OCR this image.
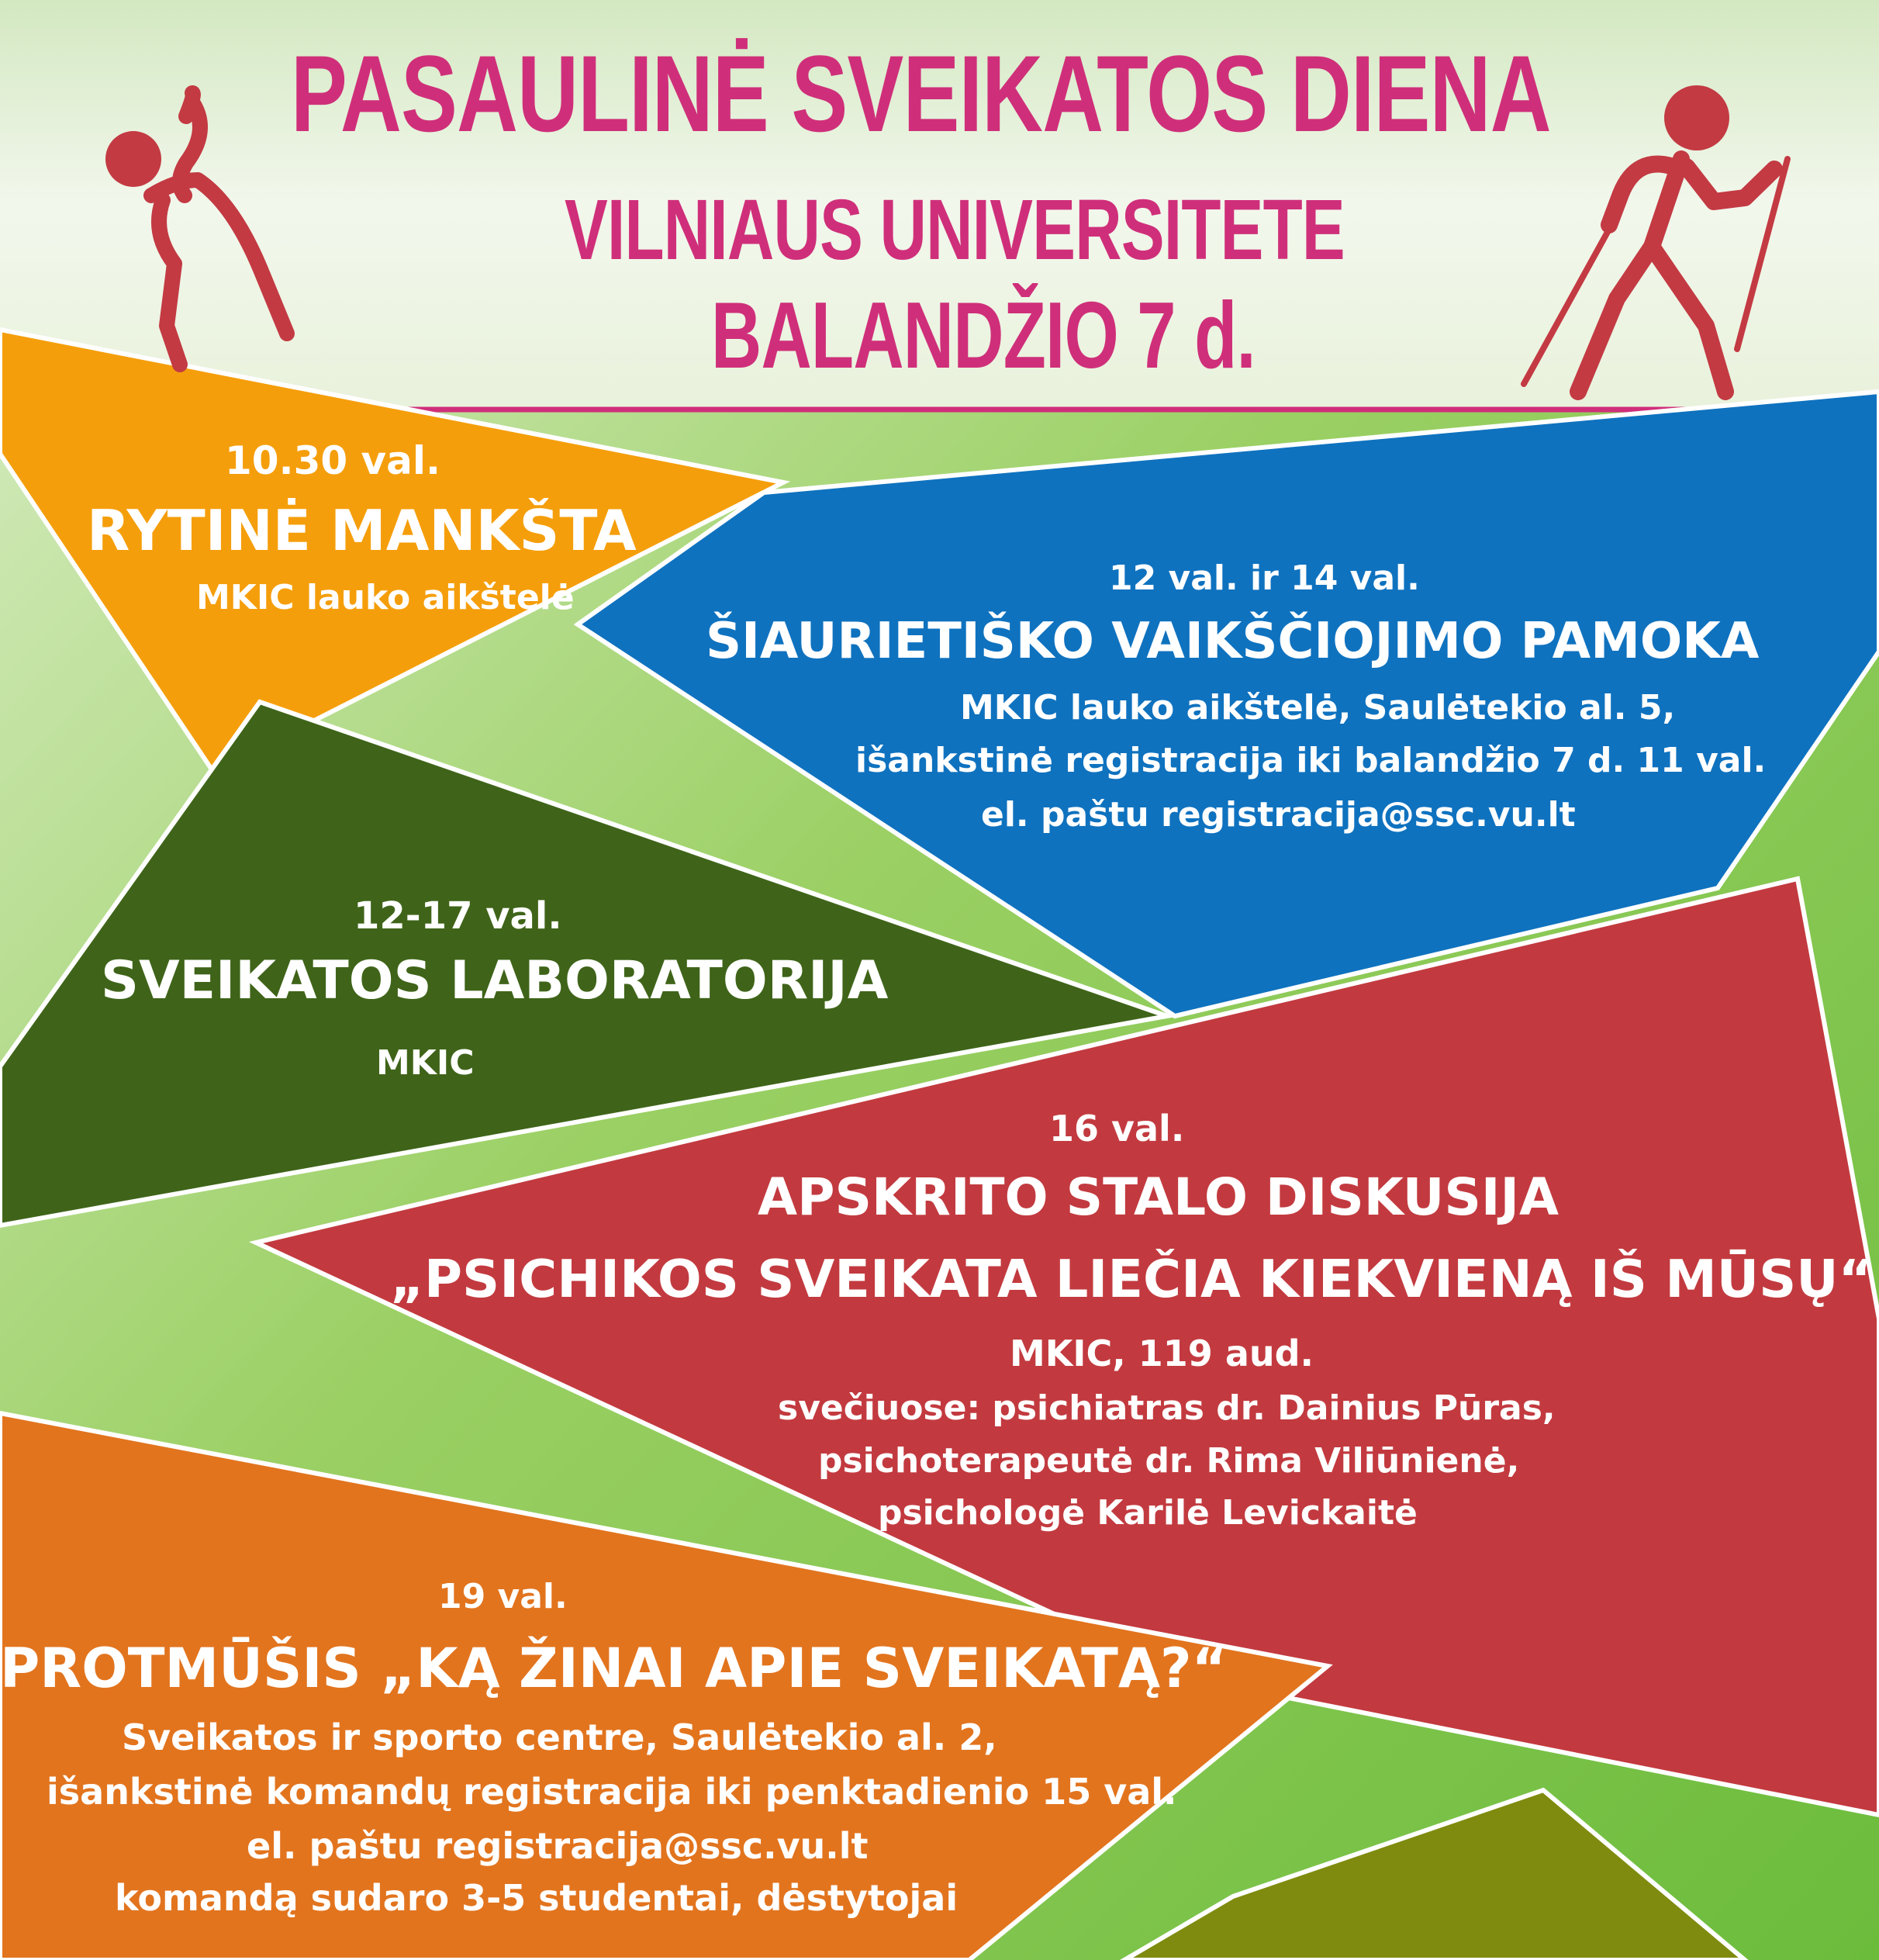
PASAULINĖ SVEIKATOS DIENA
VILNIAUS UNIVERSITETE
BALANDŽIO 7 d.
10.30 val.
RYTINĖ MANKŠTA
MKIC lauko aikštelė	12 val. ir 14 val.
ŠIAURIETIŠKO VAIKŠČIOJIMO PAMOKA
MKIC lauko aikštelė, Saulėtekio al. 5,
išankstinė registracija iki balandžio 7 d. 11 val.
el. paštu registracija@ssc.vu.lt
12-17 val.
SVEIKATOS LABORATORIJA
MKIC
16 val.
APSKRITO STALO DISKUSIJA
„PSICHIKOS SVEIKATA LIEČIA KIEKVIENĄ IŠ MŪSŲ“
MKIC, 119 aud.
svečiuose: psichiatras dr. Dainius Pūras,
psichoterapeutė dr. Rima Viliūnienė,
psichologė Karilė Levickaitė
19 val.
PROTMŪŠIS „KĄ ŽINAI APIE SVEIKATĄ?“
Sveikatos ir sporto centre, Saulėtekio al. 2,
išankstinė komandų registracija iki penktadienio 15 val.
el. paštu registracija@ssc.vu.lt
komandą sudaro 3-5 studentai, dėstytojai
